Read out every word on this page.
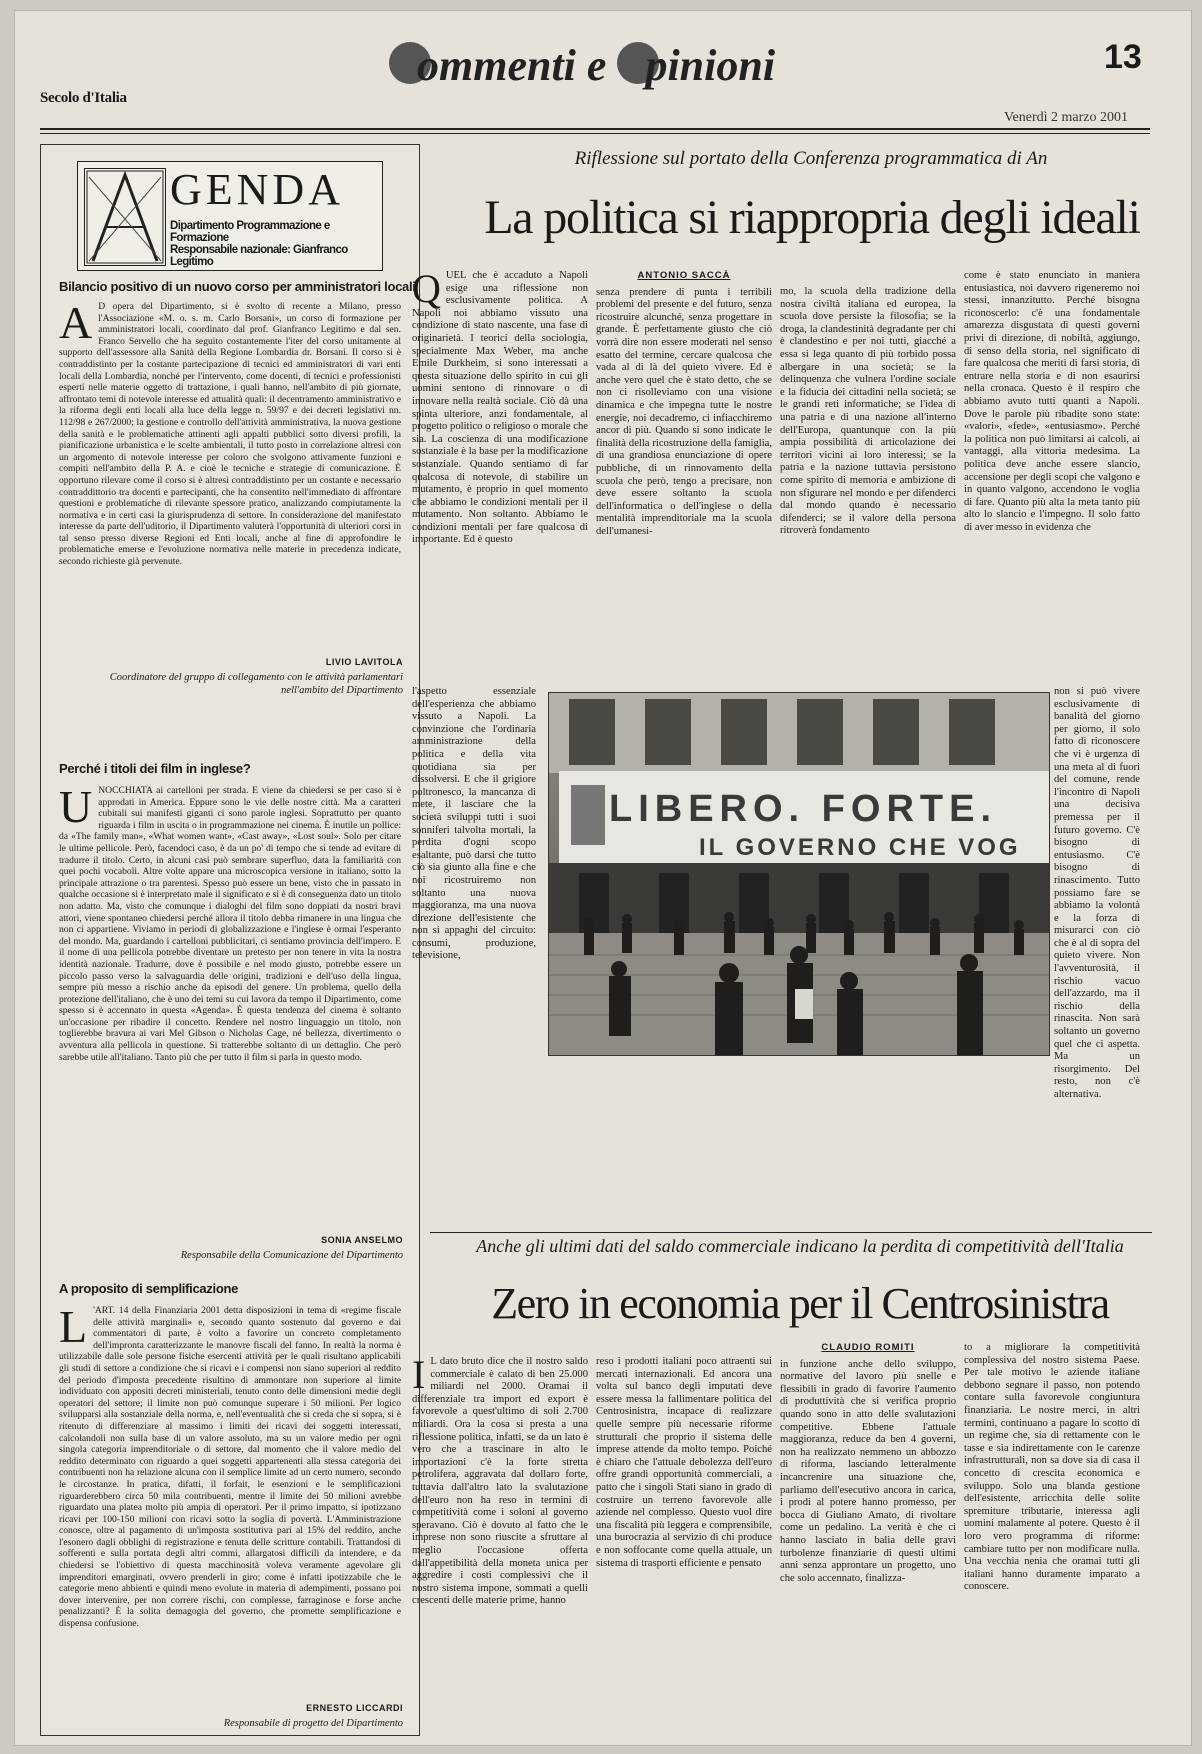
Secolo d'Italia
ommenti e pinioni	13
Venerdì 2 marzo 2001
GENDA
Dipartimento Programmazione e Formazione
Responsabile nazionale: Gianfranco Legitimo
Bilancio positivo di un nuovo corso per amministratori locali
A D opera del Dipartimento, si è svolto di recente a Milano, presso l'Associazione «M. o. s. m. Carlo Borsani», un corso di formazione per amministratori locali, coordinato dal prof. Gianfranco Legitimo e dal sen. Franco Servello che ha seguito costantemente l'iter del corso unitamente al supporto dell'assessore alla Sanità della Regione Lombardia dr. Borsani. Il corso si è contraddistinto per la costante partecipazione di tecnici ed amministratori di vari enti locali della Lombardia, nonché per l'intervento, come docenti, di tecnici e professionisti esperti nelle materie oggetto di trattazione, i quali hanno, nell'ambito di più giornate, affrontato temi di notevole interesse ed attualità quali: il decentramento amministrativo e la riforma degli enti locali alla luce della legge n. 59/97 e dei decreti legislativi nn. 112/98 e 267/2000; la gestione e controllo dell'attività amministrativa, la nuova gestione della sanità e le problematiche attinenti agli appalti pubblici sotto diversi profili, la pianificazione urbanistica e le scelte ambientali, il tutto posto in correlazione altresì con un argomento di notevole interesse per coloro che svolgono attivamente funzioni e compiti nell'ambito della P. A. e cioè le tecniche e strategie di comunicazione. È opportuno rilevare come il corso si è altresì contraddistinto per un costante e necessario contraddittorio tra docenti e partecipanti, che ha consentito nell'immediato di affrontare questioni e problematiche di rilevante spessore pratico, analizzando compiutamente la normativa e in certi casi la giurisprudenza di settore. In considerazione del manifestato interesse da parte dell'uditorio, il Dipartimento valuterà l'opportunità di ulteriori corsi in tal senso presso diverse Regioni ed Enti locali, anche al fine di approfondire le problematiche emerse e l'evoluzione normativa nelle materie in precedenza indicate, secondo richieste già pervenute.
LIVIO LAVITOLA
Coordinatore del gruppo di collegamento con le attività parlamentari nell'ambito del Dipartimento
Perché i titoli dei film in inglese?
UNOCCHIATA ai cartelloni per strada. E viene da chiedersi se per caso si è approdati in America. Eppure sono le vie delle nostre città. Ma a caratteri cubitali sui manifesti giganti ci sono parole inglesi. Soprattutto per quanto riguarda i film in uscita o in programmazione nei cinema. È inutile un pollice: da «The family man», «What women want», «Cast away», «Lost soul». Solo per citare le ultime pellicole. Però, facendoci caso, è da un po' di tempo che si tende ad evitare di tradurre il titolo. Certo, in alcuni casi può sembrare superfluo, data la familiarità con quei pochi vocaboli. Altre volte appare una microscopica versione in italiano, sotto la principale attrazione o tra parentesi. Spesso può essere un bene, visto che in passato in qualche occasione si è interpretato male il significato e si è di conseguenza dato un titolo non adatto. Ma, visto che comunque i dialoghi del film sono doppiati da nostri bravi attori, viene spontaneo chiedersi perché allora il titolo debba rimanere in una lingua che non ci appartiene. Viviamo in periodi di globalizzazione e l'inglese è ormai l'esperanto del mondo. Ma, guardando i cartelloni pubblicitari, ci sentiamo provincia dell'impero. E il nome di una pellicola potrebbe diventare un pretesto per non tenere in vita la nostra identità nazionale. Tradurre, dove è possibile e nel modo giusto, potrebbe essere un piccolo passo verso la salvaguardia delle origini, tradizioni e dell'uso della lingua, sempre più messo a rischio anche da episodi del genere. Un problema, quello della protezione dell'italiano, che è uno dei temi su cui lavora da tempo il Dipartimento, come spesso si è accennato in questa «Agenda». È questa tendenza del cinema è soltanto un'occasione per ribadire il concetto. Rendere nel nostro linguaggio un titolo, non toglierebbe bravura ai vari Mel Gibson o Nicholas Cage, né bellezza, divertimento o avventura alla pellicola in questione. Si tratterebbe soltanto di un dettaglio. Che però sarebbe utile all'italiano. Tanto più che per tutto il film si parla in questo modo.
SONIA ANSELMO
Responsabile della Comunicazione del Dipartimento
A proposito di semplificazione
L 'ART. 14 della Finanziaria 2001 detta disposizioni in tema di «regime fiscale delle attività marginali» e, secondo quanto sostenuto dal governo e dai commentatori di parte, è volto a favorire un concreto completamento dell'impronta caratterizzante le manovre fiscali del fanno. In realtà la norma è utilizzabile dalle sole persone fisiche esercenti attività per le quali risultano applicabili gli studi di settore a condizione che si ricavi e i compensi non siano superiori al reddito del periodo d'imposta precedente risultino di ammontare non superiore al limite individuato con appositi decreti ministeriali, tenuto conto delle dimensioni medie degli operatori del settore; il limite non può comunque superare i 50 milioni. Per logico svilupparsi alla sostanziale della norma, e, nell'eventualità che si creda che si sopra, si è ritenuto di differenziare al massimo i limiti dei ricavi dei soggetti interessati, calcolandoli non sulla base di un valore assoluto, ma su un valore medio per ogni singola categoria imprenditoriale o di settore, dal momento che il valore medio del reddito determinato con riguardo a quei soggetti appartenenti alla stessa categoria dei contribuenti non ha relazione alcuna con il semplice limite ad un certo numero, secondo le circostanze. In pratica, difatti, il forfait, le esenzioni e le semplificazioni riguarderebbero circa 50 mila contribuenti, mentre il limite dei 50 milioni avrebbe riguardato una platea molto più ampia di operatori. Per il primo impatto, si ipotizzano ricavi per 100-150 milioni con ricavi sotto la soglia di povertà. L'Amministrazione conosce, oltre al pagamento di un'imposta sostitutiva pari al 15% del reddito, anche l'esonero dagli obblighi di registrazione e tenuta delle scritture contabili. Trattandosi di sofferenti e sulla portata degli altri commi, allargatosi difficili da intendere, e da chiedersi se l'obiettivo di questa macchinosità voleva veramente agevolare gli imprenditori emarginati, ovvero prenderli in giro; come è infatti ipotizzabile che le categorie meno abbienti e quindi meno evolute in materia di adempimenti, possano poi dover intervenire, per non correre rischi, con complesse, farraginose e forse anche penalizzanti? È la solita demagogia del governo, che promette semplificazione e dispensa confusione.
ERNESTO LICCARDI
Responsabile di progetto del Dipartimento
Riflessione sul portato della Conferenza programmatica di An
La politica si riappropria degli ideali
QUEL che è accaduto a Napoli esige una riflessione non esclusivamente politica. A Napoli noi abbiamo vissuto una condizione di stato nascente, una fase di originarietà. I teorici della sociologia, specialmente Max Weber, ma anche Emile Durkheim, si sono interessati a questa situazione dello spirito in cui gli uomini sentono di rinnovare o di innovare nella realtà sociale. Ciò dà una spinta ulteriore, anzi fondamentale, al progetto politico o religioso o morale che sia. La coscienza di una modificazione sostanziale è la base per la modificazione sostanziale. Quando sentiamo di far qualcosa di notevole, di stabilire un mutamento, è proprio in quel momento che abbiamo le condizioni mentali per il mutamento. Non soltanto. Abbiamo le condizioni mentali per fare qualcosa di importante. Ed è questo
l'aspetto essenziale dell'esperienza che abbiamo vissuto a Napoli. La convinzione che l'ordinaria amministrazione della politica e della vita quotidiana sia per dissolversi. E che il grigiore poltronesco, la mancanza di mete, il lasciare che la società sviluppi tutti i suoi sonniferi talvolta mortali, la perdita d'ogni scopo esaltante, può darsi che tutto ciò sia giunto alla fine e che noi ricostruiremo non soltanto una nuova maggioranza, ma una nuova direzione dell'esistente che non si appaghi del circuito: consumi, produzione, televisione,
ANTONIO SACCÀ
senza prendere di punta i terribili problemi del presente e del futuro, senza ricostruire alcunché, senza progettare in grande. È perfettamente giusto che ciò vorrà dire non essere moderati nel senso esatto del termine, cercare qualcosa che vada al di là del quieto vivere. Ed è anche vero quel che è stato detto, che se non ci risolleviamo con una visione dinamica e che impegna tutte le nostre energie, noi decadremo, ci infiacchiremo ancor di più. Quando si sono indicate le finalità della ricostruzione della famiglia, di una grandiosa enunciazione di opere pubbliche, di un rinnovamento della scuola che però, tengo a precisare, non deve essere soltanto la scuola dell'informatica o dell'inglese o della mentalità imprenditoriale ma la scuola dell'umanesi-
mo, la scuola della tradizione della nostra civiltà italiana ed europea, la scuola dove persiste la filosofia; se la droga, la clandestinità degradante per chi è clandestino e per noi tutti, giacché a essa si lega quanto di più torbido possa albergare in una società; se la delinquenza che vulnera l'ordine sociale e la fiducia dei cittadini nella società; se le grandi reti informatiche; se l'idea di una patria e di una nazione all'interno dell'Europa, quantunque con la più ampia possibilità di articolazione dei territori vicini ai loro interessi; se la patria e la nazione tuttavia persistono come spirito di memoria e ambizione di non sfigurare nel mondo e per difenderci dal mondo quando è necessario difenderci; se il valore della persona ritroverà fondamento
come è stato enunciato in maniera entusiastica, noi davvero rigeneremo noi stessi, innanzitutto. Perché bisogna riconoscerlo: c'è una fondamentale amarezza disgustata di questi governi privi di direzione, di nobiltà, aggiungo, di senso della storia, nel significato di fare qualcosa che meriti di farsi storia, di entrare nella storia e di non esaurirsi nella cronaca. Questo è il respiro che abbiamo avuto tutti quanti a Napoli. Dove le parole più ribadite sono state: «valori», «fede», «entusiasmo». Perché la politica non può limitarsi ai calcoli, ai vantaggi, alla vittoria medesima. La politica deve anche essere slancio, accensione per degli scopi che valgono e in quanto valgono, accendono le voglia di fare. Quanto più alta la meta tanto più alto lo slancio e l'impegno. Il solo fatto di aver messo in evidenza che
non si può vivere esclusivamente di banalità del giorno per giorno, il solo fatto di riconoscere che vi è urgenza di una meta al di fuori del comune, rende l'incontro di Napoli una decisiva premessa per il futuro governo. C'è bisogno di entusiasmo. C'è bisogno di rinascimento. Tutto possiamo fare se abbiamo la volontà e la forza di misurarci con ciò che è al di sopra del quieto vivere. Non l'avventurosità, il rischio vacuo dell'azzardo, ma il rischio della rinascita. Non sarà soltanto un governo quel che ci aspetta. Ma un risorgimento. Del resto, non c'è alternativa.
LIBERO. FORTE.
IL GOVERNO CHE VOG
Anche gli ultimi dati del saldo commerciale indicano la perdita di competitività dell'Italia
Zero in economia per il Centrosinistra
I L dato bruto dice che il nostro saldo commerciale è calato di ben 25.000 miliardi nel 2000. Oramai il differenziale tra import ed export è favorevole a quest'ultimo di soli 2.700 miliardi. Ora la cosa si presta a una riflessione politica, infatti, se da un lato è vero che a trascinare in alto le importazioni c'è la forte stretta petrolifera, aggravata dal dollaro forte, tuttavia dall'altro lato la svalutazione dell'euro non ha reso in termini di competitività come i soloni al governo speravano. Ciò è dovuto al fatto che le imprese non sono riuscite a sfruttare al meglio l'occasione offerta dall'appetibilità della moneta unica per aggredire i costi complessivi che il nostro sistema impone, sommati a quelli crescenti delle materie prime, hanno
reso i prodotti italiani poco attraenti sui mercati internazionali. Ed ancora una volta sul banco degli imputati deve essere messa la fallimentare politica del Centrosinistra, incapace di realizzare quelle sempre più necessarie riforme strutturali che proprio il sistema delle imprese attende da molto tempo. Poiché è chiaro che l'attuale debolezza dell'euro offre grandi opportunità commerciali, a patto che i singoli Stati siano in grado di costruire un terreno favorevole alle aziende nel complesso. Questo vuol dire una fiscalità più leggera e comprensibile, una burocrazia al servizio di chi produce e non soffocante come quella attuale, un sistema di trasporti efficiente e pensato
CLAUDIO ROMITI
in funzione anche dello sviluppo, normative del lavoro più snelle e flessibili in grado di favorire l'aumento di produttività che si verifica proprio quando sono in atto delle svalutazioni competitive. Ebbene l'attuale maggioranza, reduce da ben 4 governi, non ha realizzato nemmeno un abbozzo di riforma, lasciando letteralmente incancrenire una situazione che, parliamo dell'esecutivo ancora in carica, i prodi al potere hanno promesso, per bocca di Giuliano Amato, di rivoltare come un pedalino. La verità è che ci hanno lasciato in balia delle gravi turbolenze finanziarie di questi ultimi anni senza approntare un progetto, uno che solo accennato, finalizza-
to a migliorare la competitività complessiva del nostro sistema Paese. Per tale motivo le aziende italiane debbono segnare il passo, non potendo contare sulla favorevole congiuntura finanziaria. Le nostre merci, in altri termini, continuano a pagare lo scotto di un regime che, sia di rettamente con le tasse e sia indirettamente con le carenze infrastrutturali, non sa dove sia di casa il concetto di crescita economica e sviluppo. Solo una blanda gestione dell'esistente, arricchita delle solite spremiture tributarie, interessa agli uomini malamente al potere. Questo è il loro vero programma di riforme: cambiare tutto per non modificare nulla. Una vecchia nenia che oramai tutti gli italiani hanno duramente imparato a conoscere.
